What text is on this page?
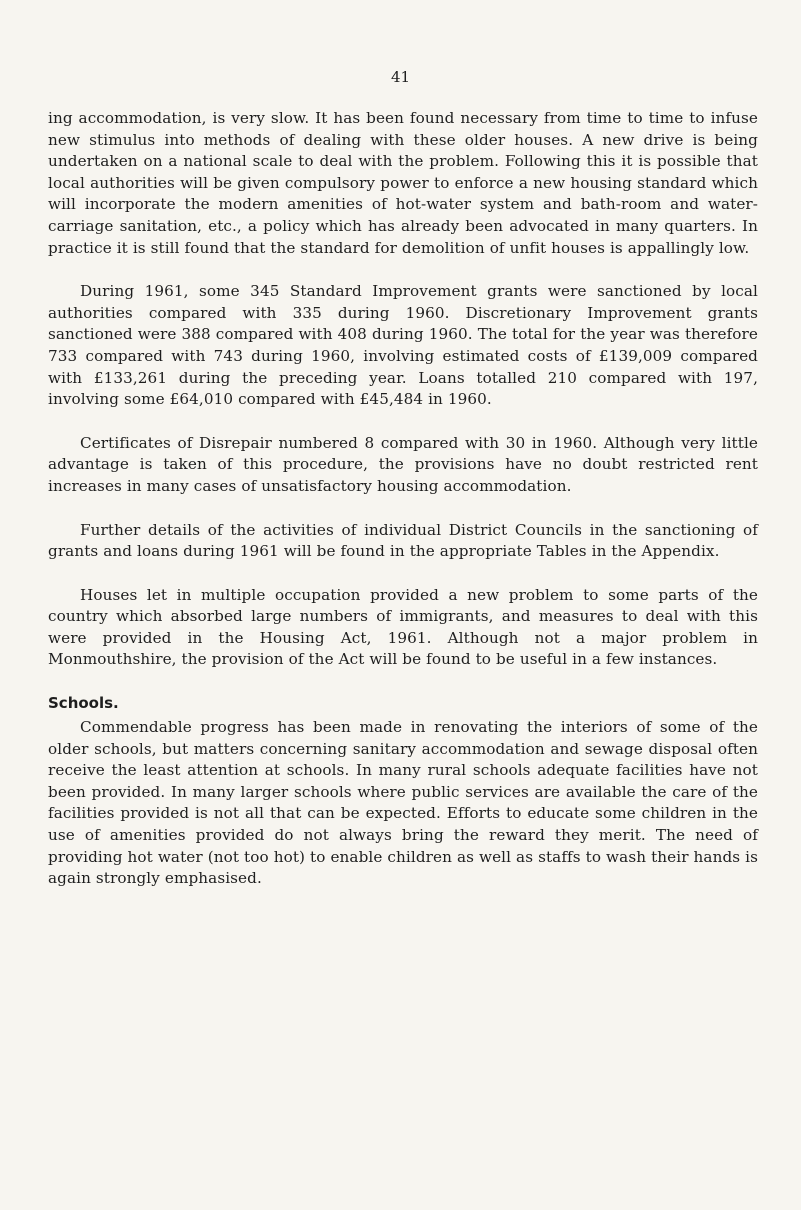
41

ing accommodation, is very slow. It has been found necessary from time to time to infuse new stimulus into methods of dealing with these older houses. A new drive is being undertaken on a national scale to deal with the problem. Following this it is possible that local authorities will be given compulsory power to enforce a new housing standard which will incorporate the modern amenities of hot-water system and bath-room and water-carriage sanitation, etc., a policy which has already been advocated in many quarters. In practice it is still found that the standard for demolition of unfit houses is appallingly low.

During 1961, some 345 Standard Improvement grants were sanctioned by local authorities compared with 335 during 1960. Discretionary Improvement grants sanctioned were 388 compared with 408 during 1960. The total for the year was therefore 733 compared with 743 during 1960, involving estimated costs of £139,009 compared with £133,261 during the preceding year. Loans totalled 210 compared with 197, involving some £64,010 compared with £45,484 in 1960.

Certificates of Disrepair numbered 8 compared with 30 in 1960. Although very little advantage is taken of this procedure, the provisions have no doubt restricted rent increases in many cases of unsatisfactory housing accommodation.

Further details of the activities of individual District Councils in the sanctioning of grants and loans during 1961 will be found in the appropriate Tables in the Appendix.

Houses let in multiple occupation provided a new problem to some parts of the country which absorbed large numbers of immigrants, and measures to deal with this were provided in the Housing Act, 1961. Although not a major problem in Monmouthshire, the provision of the Act will be found to be useful in a few instances.

Schools.

Commendable progress has been made in renovating the interiors of some of the older schools, but matters concerning sanitary accommodation and sewage disposal often receive the least attention at schools. In many rural schools adequate facilities have not been provided. In many larger schools where public services are available the care of the facilities provided is not all that can be expected. Efforts to educate some children in the use of amenities provided do not always bring the reward they merit. The need of providing hot water (not too hot) to enable children as well as staffs to wash their hands is again strongly emphasised.
